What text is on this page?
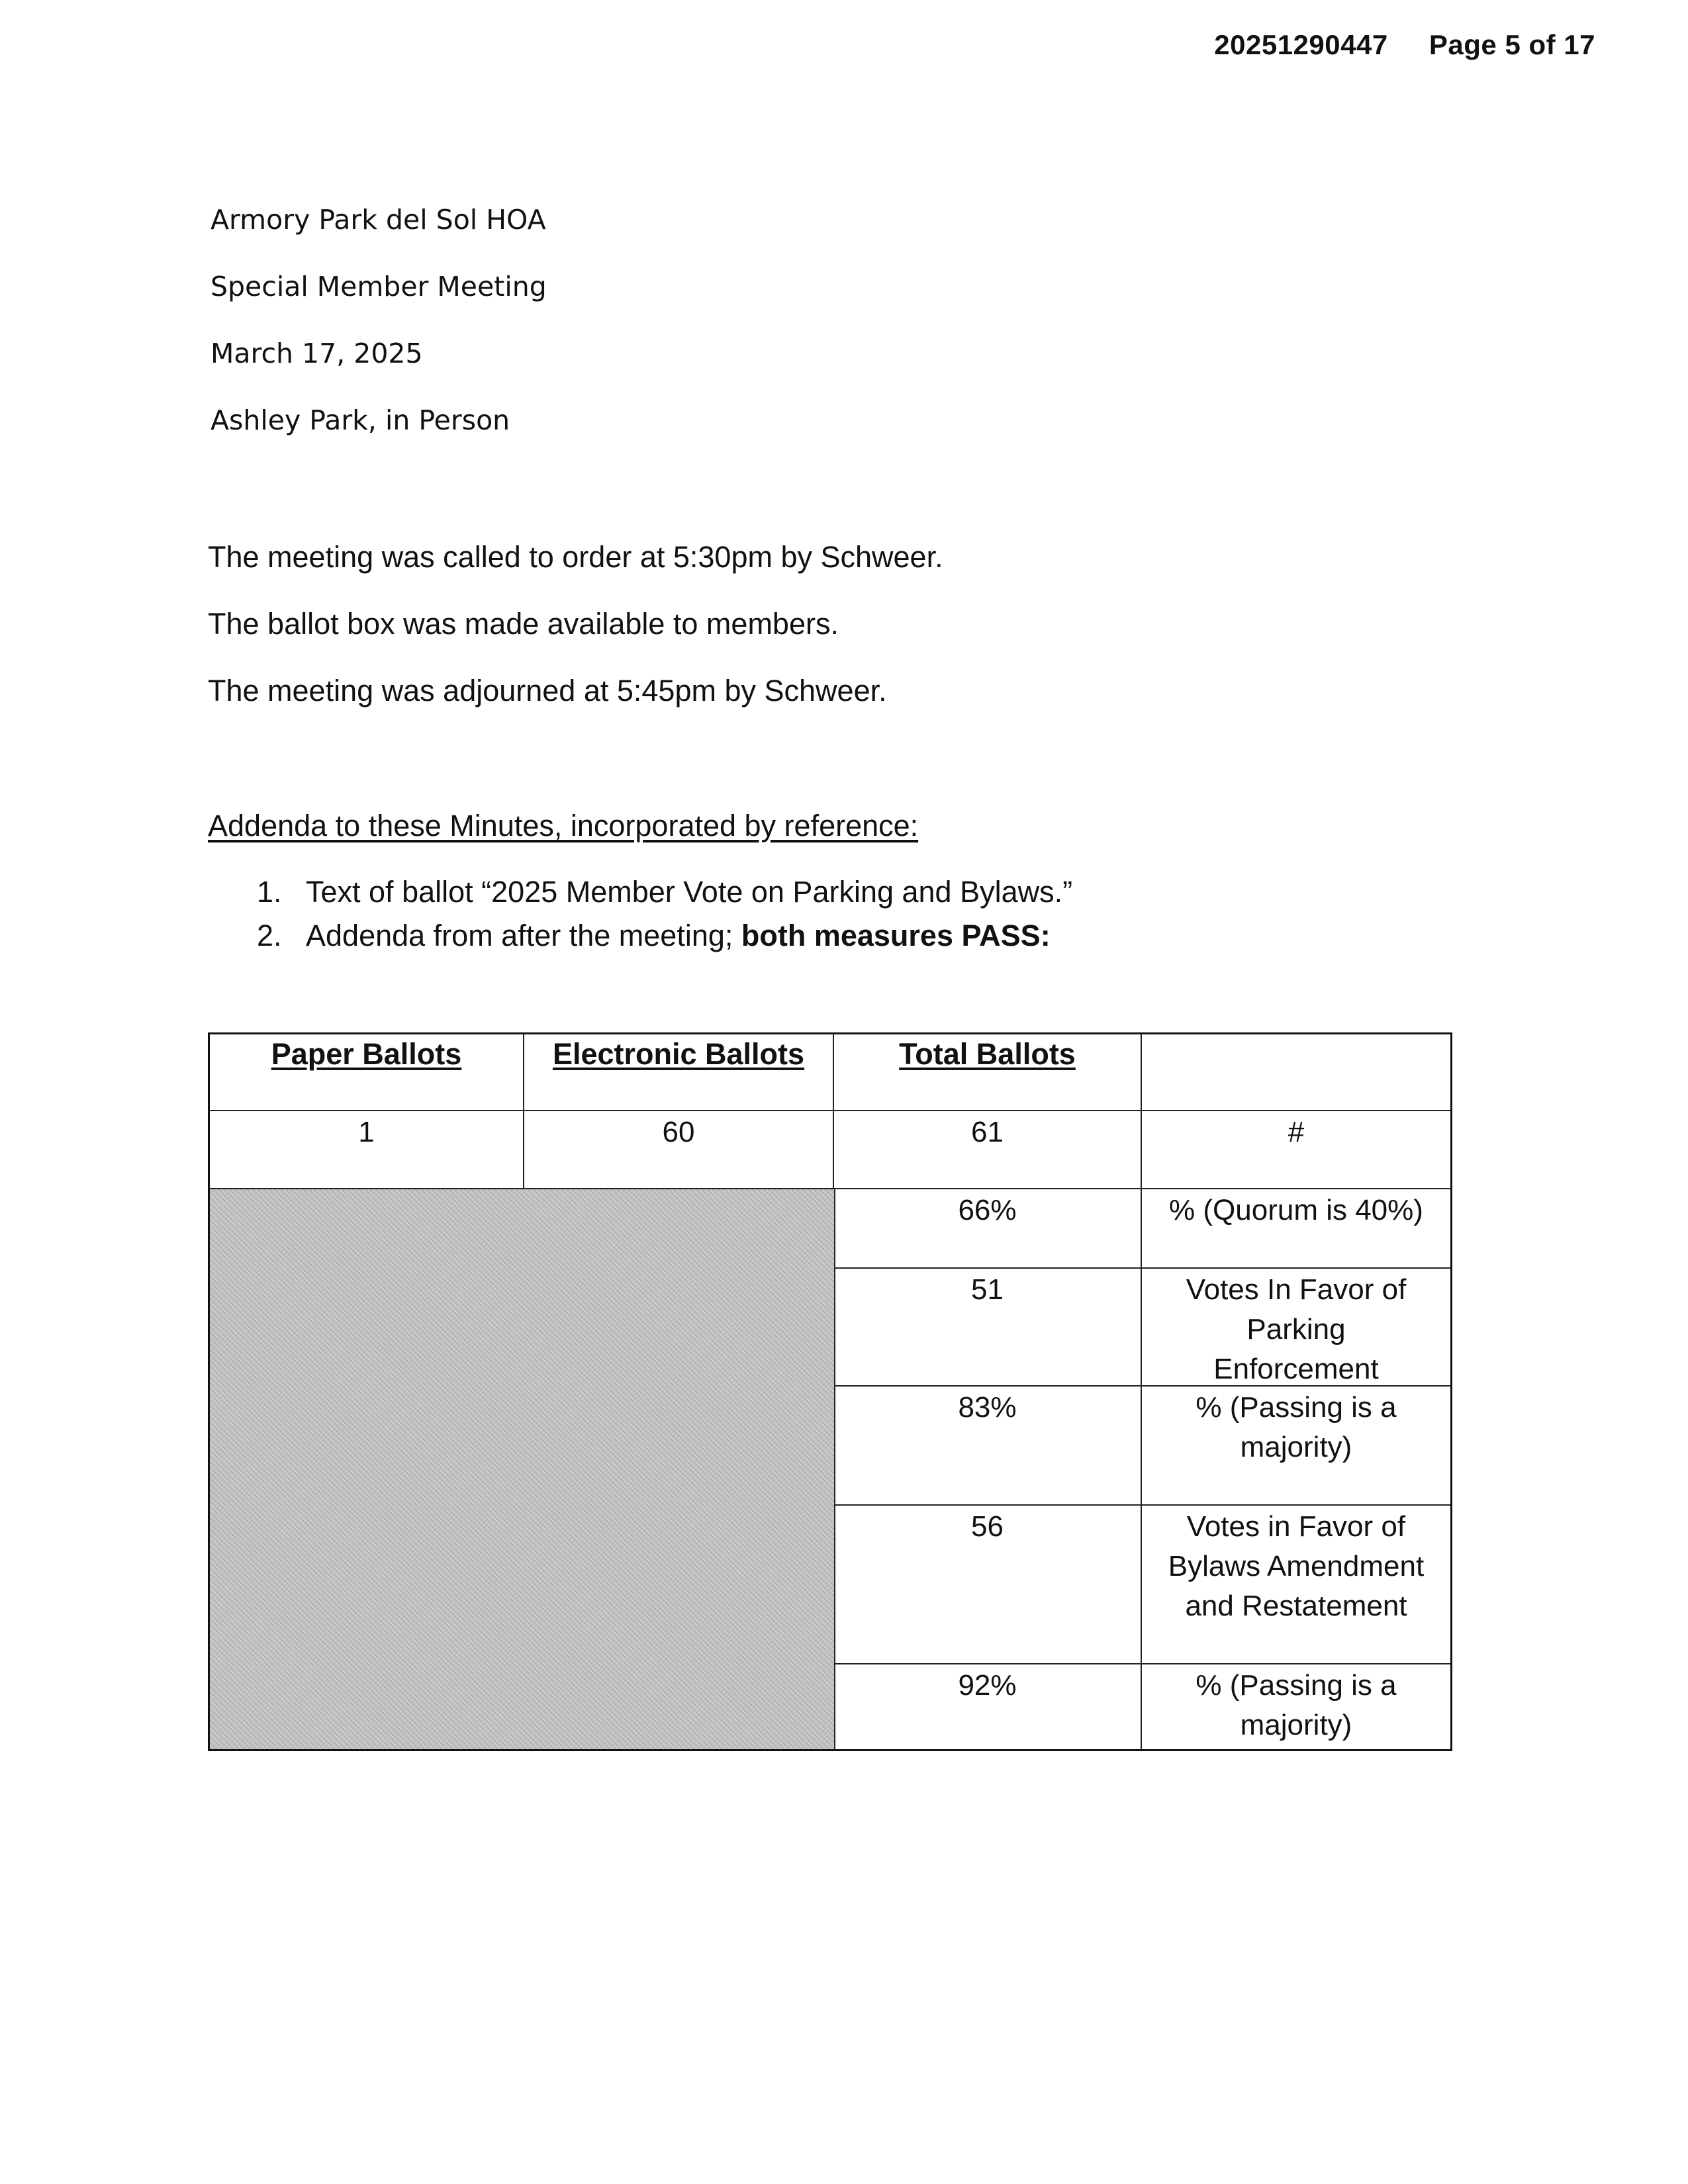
20251290447 Page 5 of 17
Armory Park del Sol HOA
Special Member Meeting
March 17, 2025
Ashley Park, in Person
The meeting was called to order at 5:30pm by Schweer.
The ballot box was made available to members.
The meeting was adjourned at 5:45pm by Schweer.
Addenda to these Minutes, incorporated by reference:
1. Text of ballot “2025 Member Vote on Parking and Bylaws.”
2. Addenda from after the meeting; both measures PASS:
Paper Ballots	Electronic Ballots	Total Ballots
1	60	61	#
66%	% (Quorum is 40%)
51	Votes In Favor of Parking Enforcement
83%	% (Passing is a majority)
56	Votes in Favor of Bylaws Amendment and Restatement
92%	% (Passing is a majority)
